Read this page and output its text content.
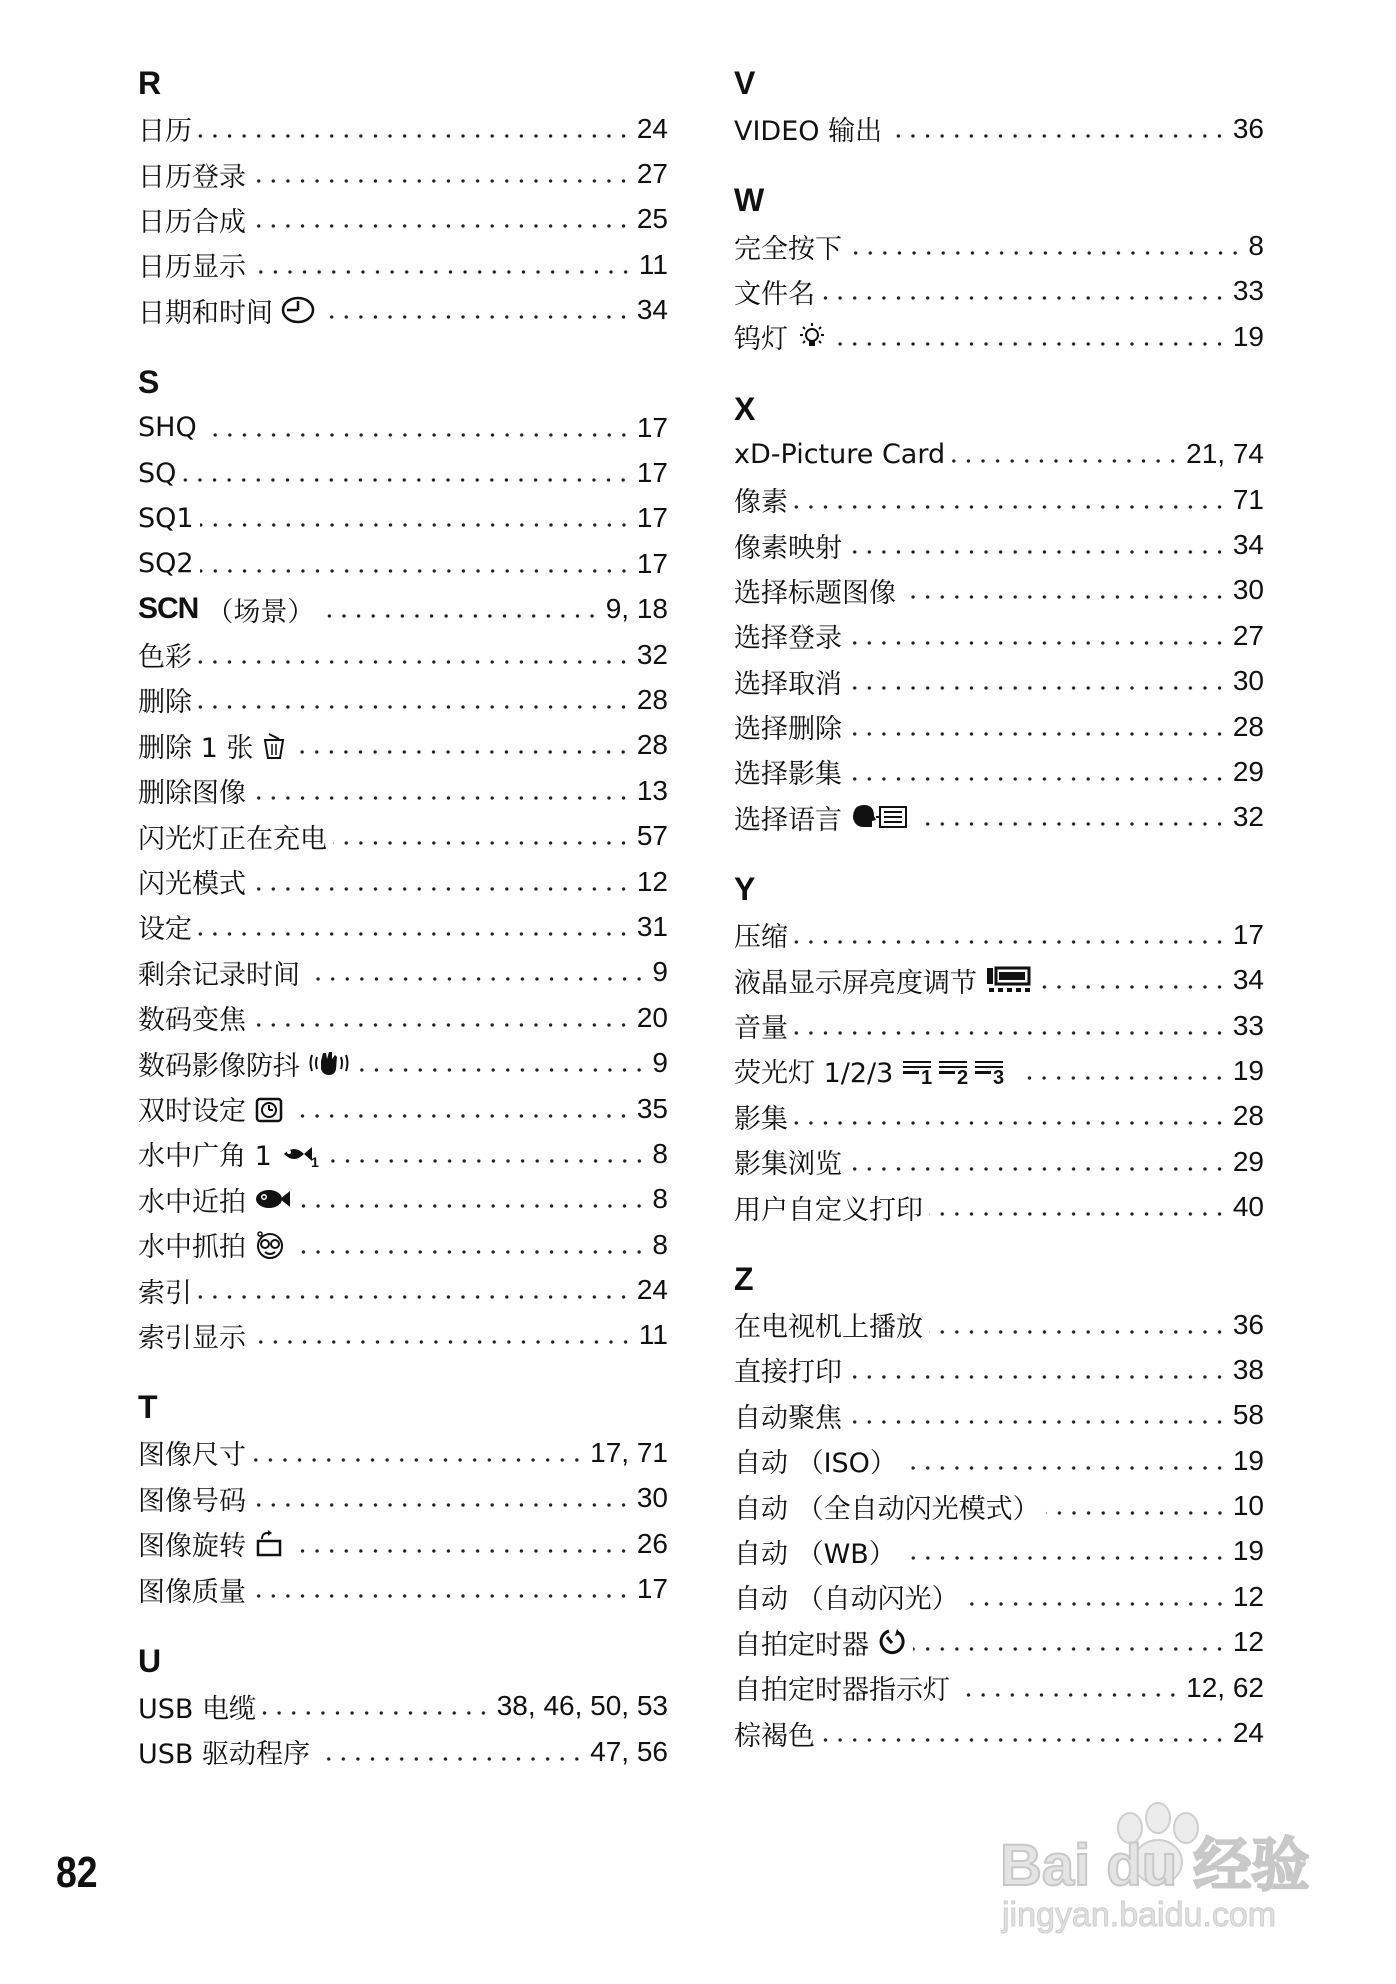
R
日历	24
日历登录	27
日历合成	25
日历显示	11
日期和时间	34
S
SHQ	17
SQ	17
SQ1	17
SQ2	17
SCN （场景）	9, 18
色彩	32
删除	28
删除 1 张	28
删除图像	13
闪光灯正在充电	57
闪光模式	12
设定	31
剩余记录时间	9
数码变焦	20
数码影像防抖	9
双时设定	35
水中广角 1	1	8
水中近拍	8
水中抓拍	8
索引	24
索引显示	11
T
图像尺寸	17, 71
图像号码	30
图像旋转	26
图像质量	17
U
USB 电缆	38, 46, 50, 53
USB 驱动程序	47, 56
V
VIDEO 输出	36
W
完全按下	8
文件名	33
钨灯	19
X
xD-Picture Card	21, 74
像素	71
像素映射	34
选择标题图像	30
选择登录	27
选择取消	30
选择删除	28
选择影集	29
选择语言	32
Y
压缩	17
液晶显示屏亮度调节	34
音量	33
荧光灯 1/2/3 1 2 3	19
影集	28
影集浏览	29
用户自定义打印	40
Z
在电视机上播放	36
直接打印	38
自动聚焦	58
自动 （ISO）	19
自动 （全自动闪光模式）	10
自动 （WB）	19
自动 （自动闪光）	12
自拍定时器	12
自拍定时器指示灯	12, 62
棕褐色	24
82	Bai du 经验
jingyan.baidu.com
